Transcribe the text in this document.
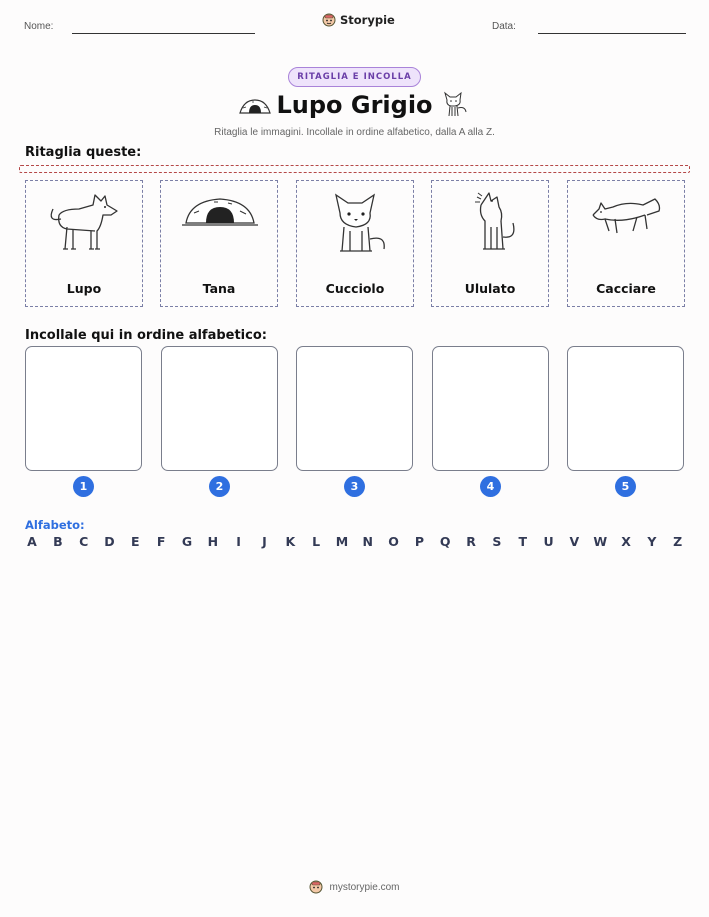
Nome:	Storypie	Data:
RITAGLIA E INCOLLA
Lupo Grigio
Ritaglia le immagini. Incollale in ordine alfabetico, dalla A alla Z.
Ritaglia queste:
Lupo	Tana	Cucciolo	Ululato	Cacciare
Incollale qui in ordine alfabetico:
1	2	3	4	5
Alfabeto:
A B C D E F G H	I	J	K L M N O P Q R S T U V W X Y Z
mystorypie.com
